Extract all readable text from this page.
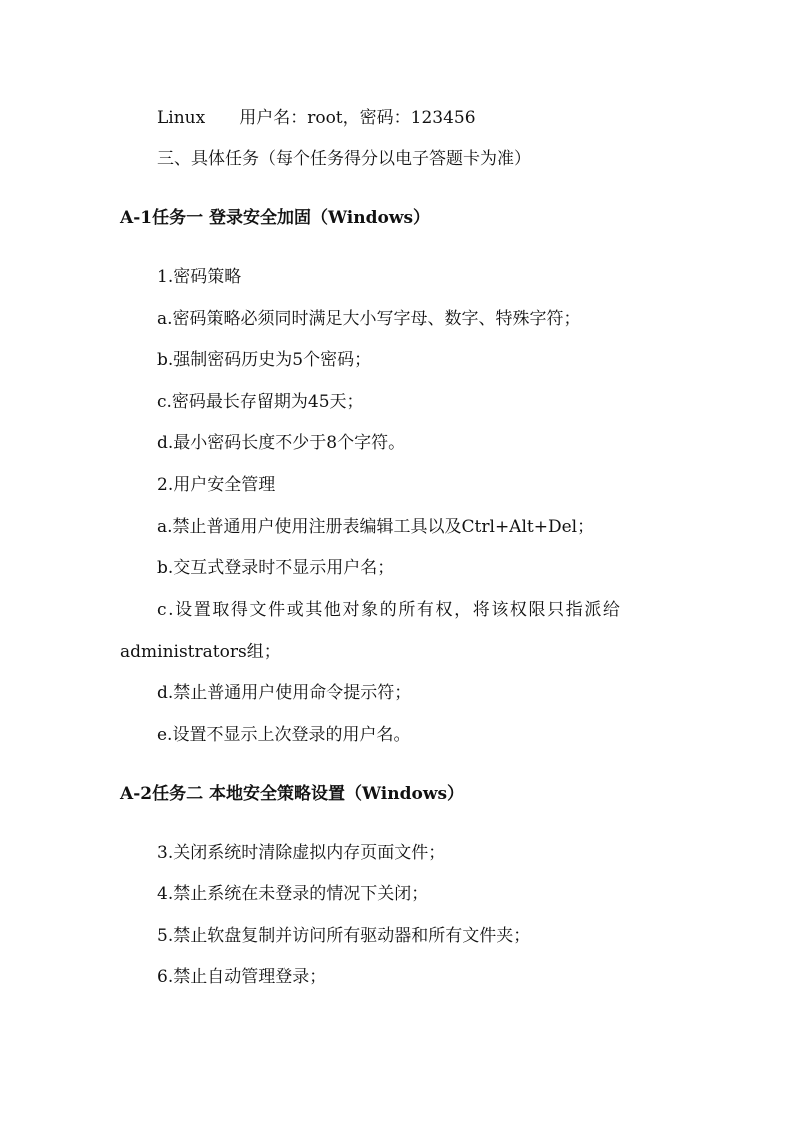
Linux　　用户名：root，密码：123456
三、具体任务（每个任务得分以电子答题卡为准）
A-1任务一 登录安全加固（Windows）
1.密码策略
a.密码策略必须同时满足大小写字母、数字、特殊字符；
b.强制密码历史为5个密码；
c.密码最长存留期为45天；
d.最小密码长度不少于8个字符。
2.用户安全管理
a.禁止普通用户使用注册表编辑工具以及Ctrl+Alt+Del；
b.交互式登录时不显示用户名；
c.设置取得文件或其他对象的所有权，将该权限只指派给
administrators组；
d.禁止普通用户使用命令提示符；
e.设置不显示上次登录的用户名。
A-2任务二 本地安全策略设置（Windows）
3.关闭系统时清除虚拟内存页面文件；
4.禁止系统在未登录的情况下关闭；
5.禁止软盘复制并访问所有驱动器和所有文件夹；
6.禁止自动管理登录；
